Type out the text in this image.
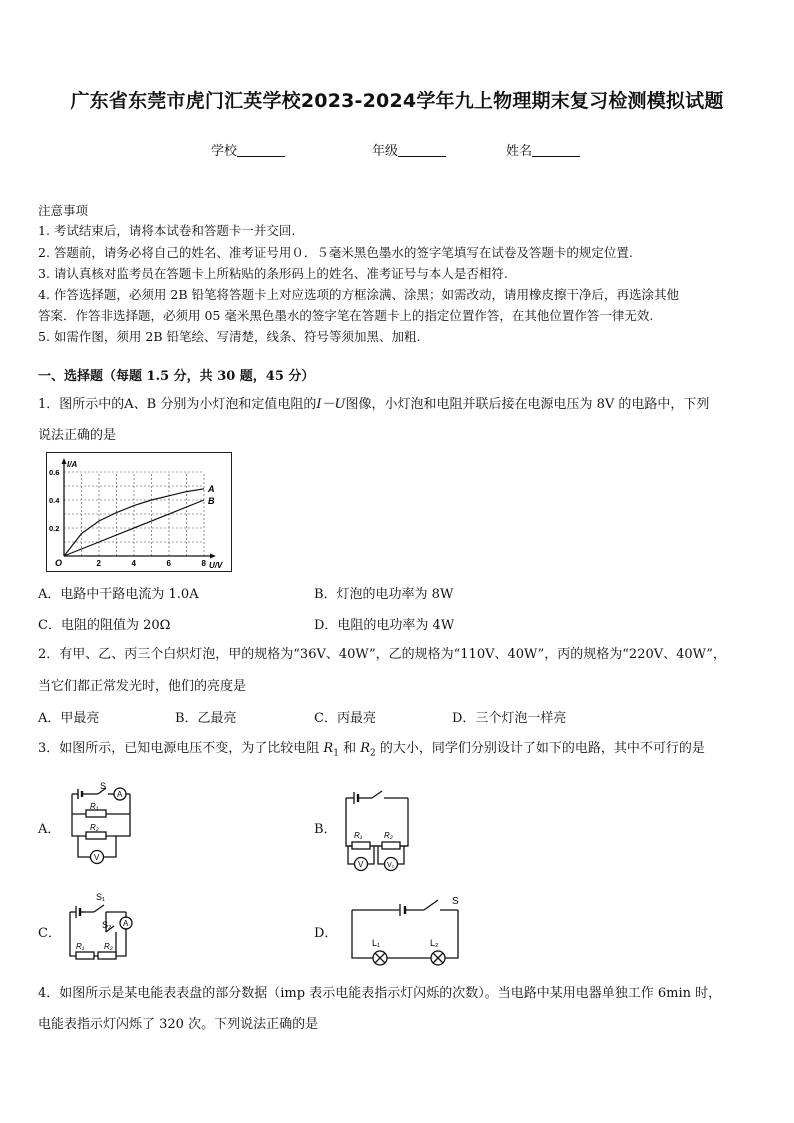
广东省东莞市虎门汇英学校2023-2024学年九上物理期末复习检测模拟试题
学校	年级	姓名
注意事项
1. 考试结束后，请将本试卷和答题卡一并交回.
2. 答题前，请务必将自己的姓名、准考证号用０．５毫米黑色墨水的签字笔填写在试卷及答题卡的规定位置.
3. 请认真核对监考员在答题卡上所粘贴的条形码上的姓名、准考证号与本人是否相符.
4. 作答选择题，必须用 2B 铅笔将答题卡上对应选项的方框涂满、涂黑；如需改动，请用橡皮擦干净后，再选涂其他
答案．作答非选择题，必须用 05 毫米黑色墨水的签字笔在答题卡上的指定位置作答，在其他位置作答一律无效.
5. 如需作图，须用 2B 铅笔绘、写清楚，线条、符号等须加黑、加粗.
一、选择题（每题 1.5 分，共 30 题，45 分）
1．图所示中的A、B 分别为小灯泡和定值电阻的I－U图像，小灯泡和电阻并联后接在电源电压为 8V 的电路中，下列
说法正确的是
U/V
I/A
O	2	4	6	8
0.2
0.4
0.6
A
B
A．电路中干路电流为 1.0A	B．灯泡的电功率为 8W
C．电阻的阻值为 20Ω	D．电阻的电功率为 4W
2．有甲、乙、丙三个白炽灯泡，甲的规格为“36V、40W”，乙的规格为“110V、40W”，丙的规格为“220V、40W”，
当它们都正常发光时，他们的亮度是
A．甲最亮	B．乙最亮	C．丙最亮	D．三个灯泡一样亮
3．如图所示，已知电源电压不变，为了比较电阻 $R_1$ 和 $R_2$ 的大小，同学们分别设计了如下的电路，其中不可行的是
A．	B．
C．	D．
S
A
R₁
R₂
V
R₁	R₂
V	V₂
S₁
S₂ A
R₁ R₂
S
L₁	L₂
4．如图所示是某电能表表盘的部分数据（imp 表示电能表指示灯闪烁的次数）。当电路中某用电器单独工作 6min 时，
电能表指示灯闪烁了 320 次。下列说法正确的是
